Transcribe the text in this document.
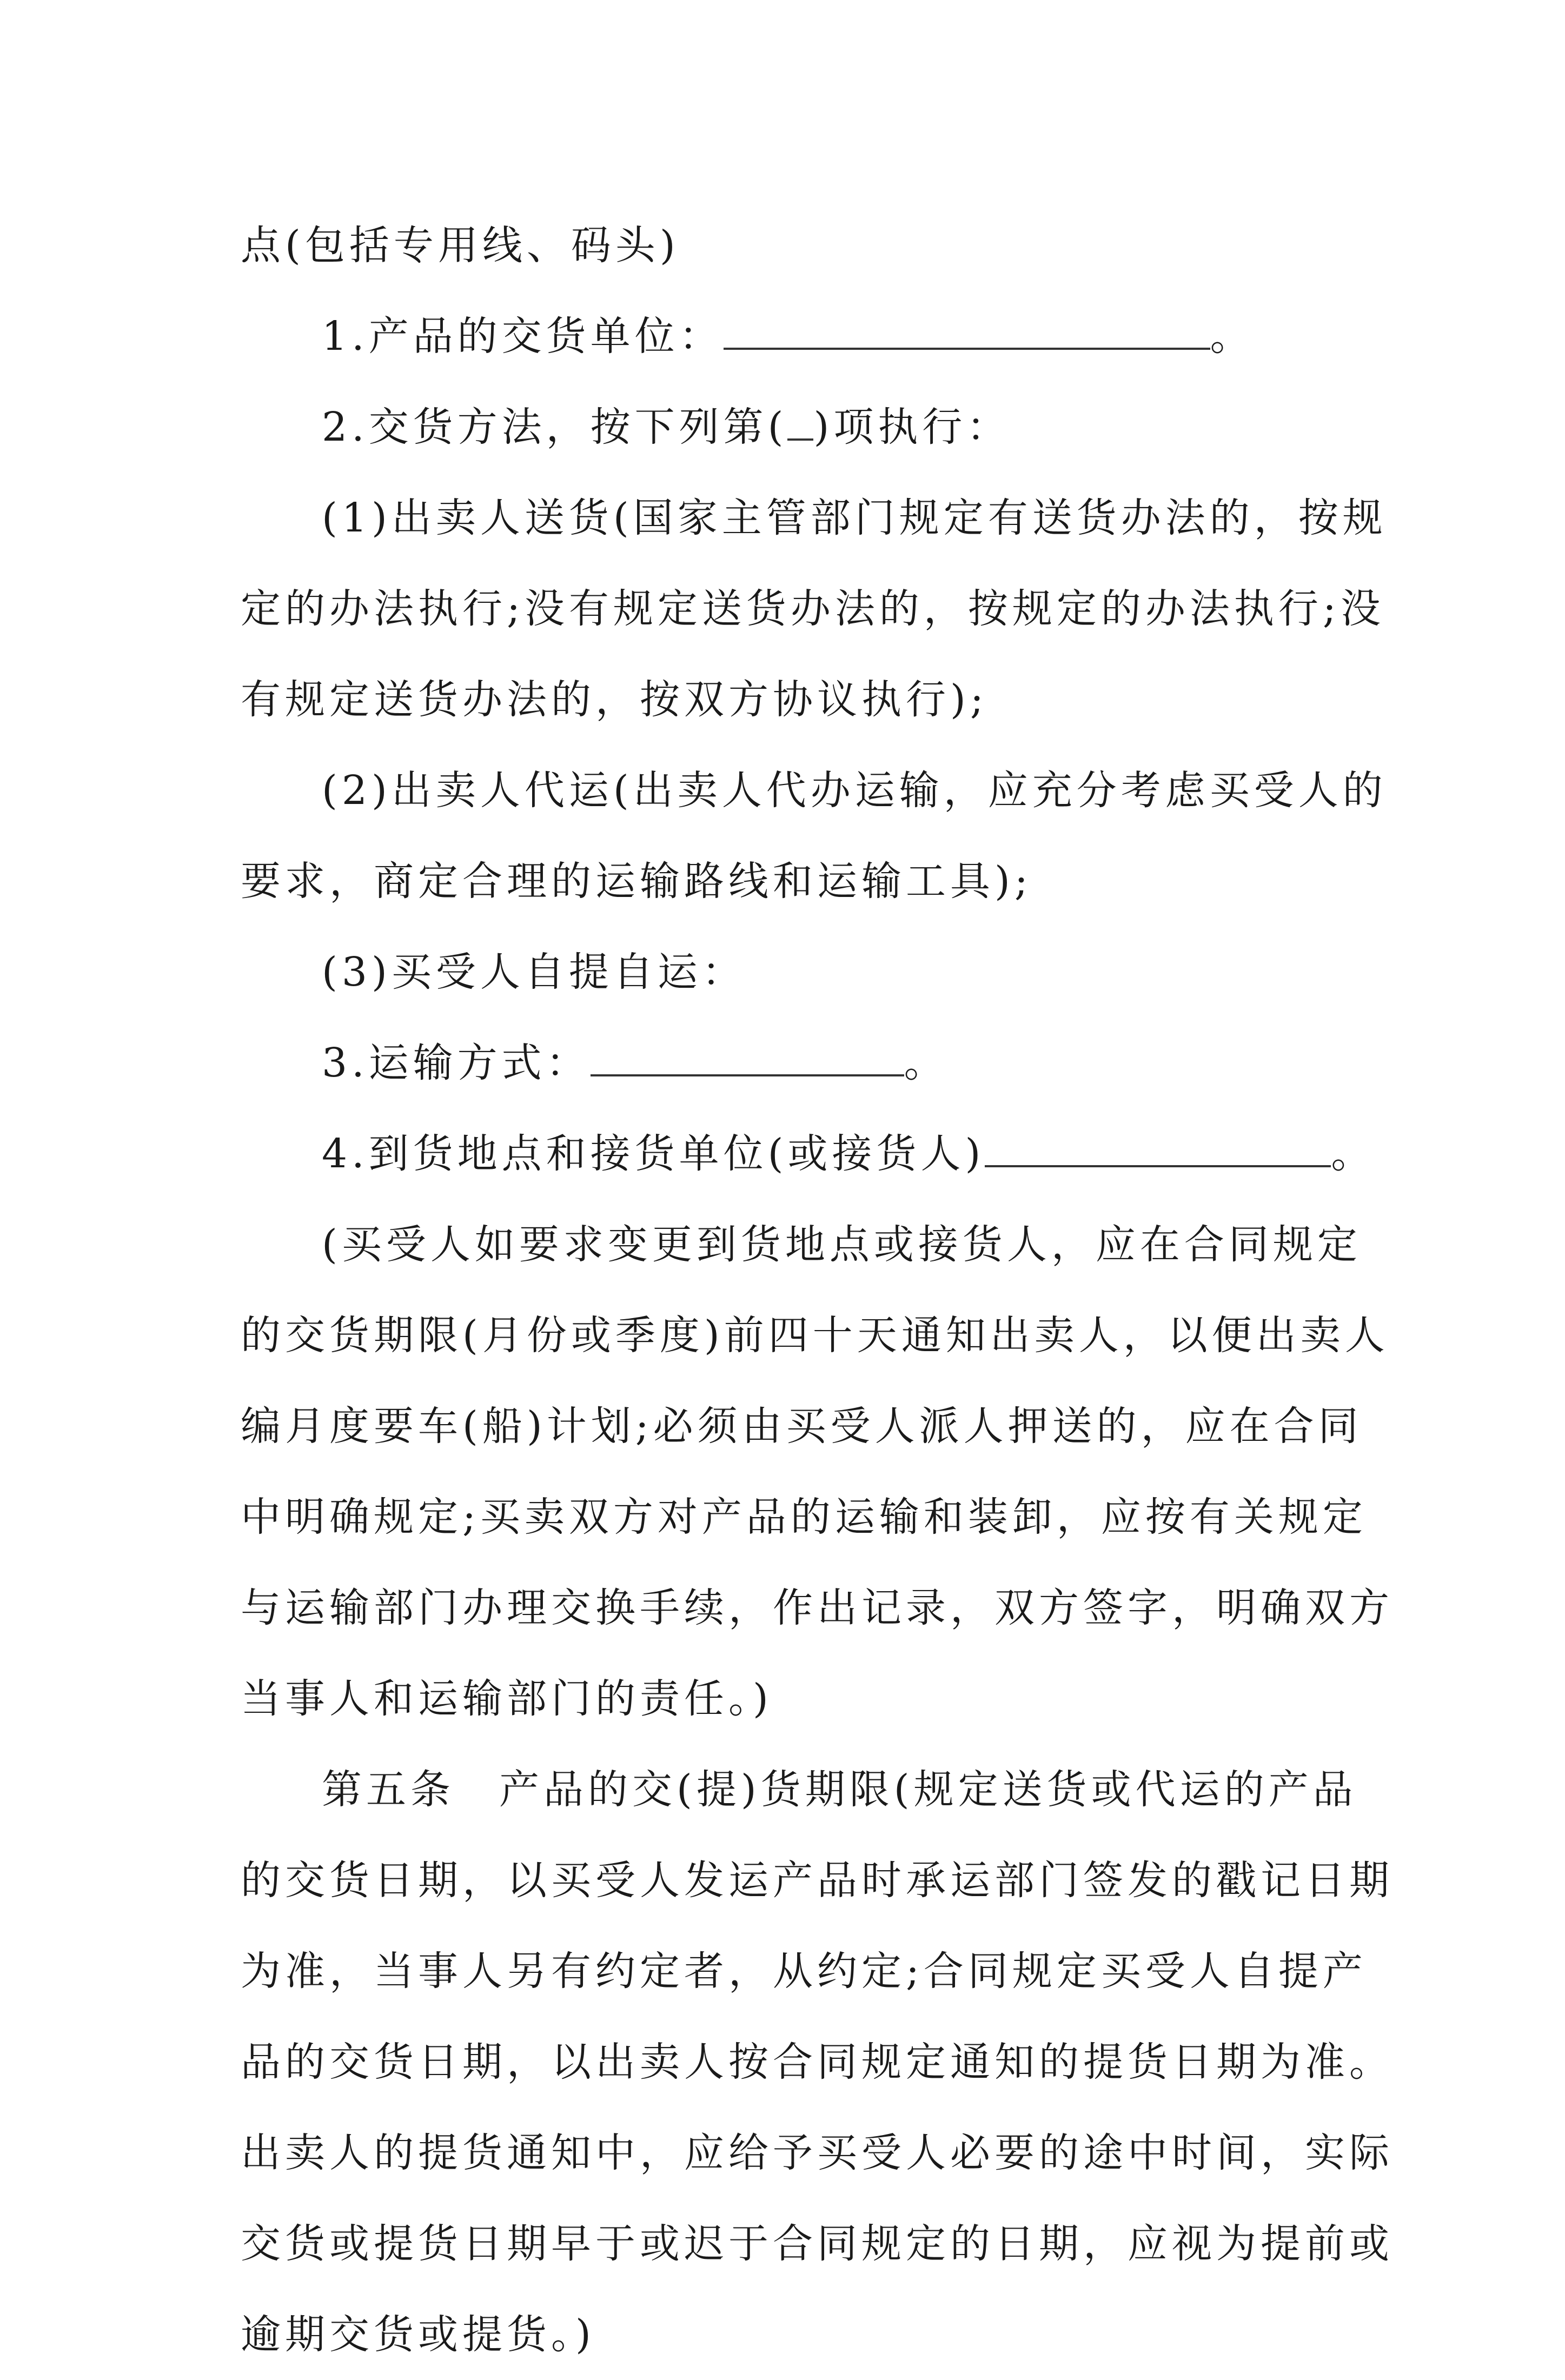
点(包括专用线、码头)
1.产品的交货单位：	。
2.交货方法，按下列第( )项执行：
(1)出卖人送货(国家主管部门规定有送货办法的，按规
定的办法执行;没有规定送货办法的，按规定的办法执行;没
有规定送货办法的，按双方协议执行);
(2)出卖人代运(出卖人代办运输，应充分考虑买受人的
要求，商定合理的运输路线和运输工具);
(3)买受人自提自运：
3.运输方式：	。
4.到货地点和接货单位(或接货人)	。
(买受人如要求变更到货地点或接货人，应在合同规定
的交货期限(月份或季度)前四十天通知出卖人，以便出卖人
编月度要车(船)计划;必须由买受人派人押送的，应在合同
中明确规定;买卖双方对产品的运输和装卸，应按有关规定
与运输部门办理交换手续，作出记录，双方签字，明确双方
当事人和运输部门的责任。)
第五条　产品的交(提)货期限(规定送货或代运的产品
的交货日期，以买受人发运产品时承运部门签发的戳记日期
为准，当事人另有约定者，从约定;合同规定买受人自提产
品的交货日期，以出卖人按合同规定通知的提货日期为准。
出卖人的提货通知中，应给予买受人必要的途中时间，实际
交货或提货日期早于或迟于合同规定的日期，应视为提前或
逾期交货或提货。)
